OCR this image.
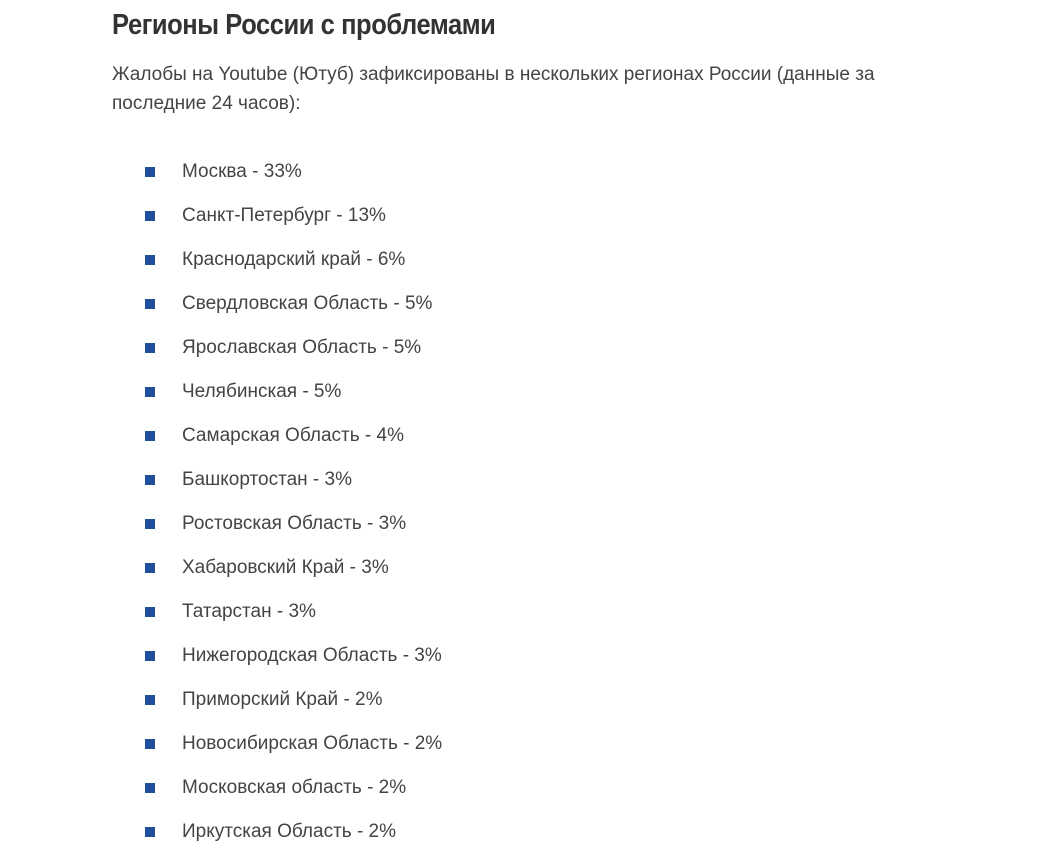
Регионы России с проблемами

Жалобы на Youtube (Ютуб) зафиксированы в нескольких регионах России (данные за последние 24 часов):

Москва - 33%
Санкт-Петербург - 13%
Краснодарский край - 6%
Свердловская Область - 5%
Ярославская Область - 5%
Челябинская - 5%
Самарская Область - 4%
Башкортостан - 3%
Ростовская Область - 3%
Хабаровский Край - 3%
Татарстан - 3%
Нижегородская Область - 3%
Приморский Край - 2%
Новосибирская Область - 2%
Московская область - 2%
Иркутская Область - 2%
